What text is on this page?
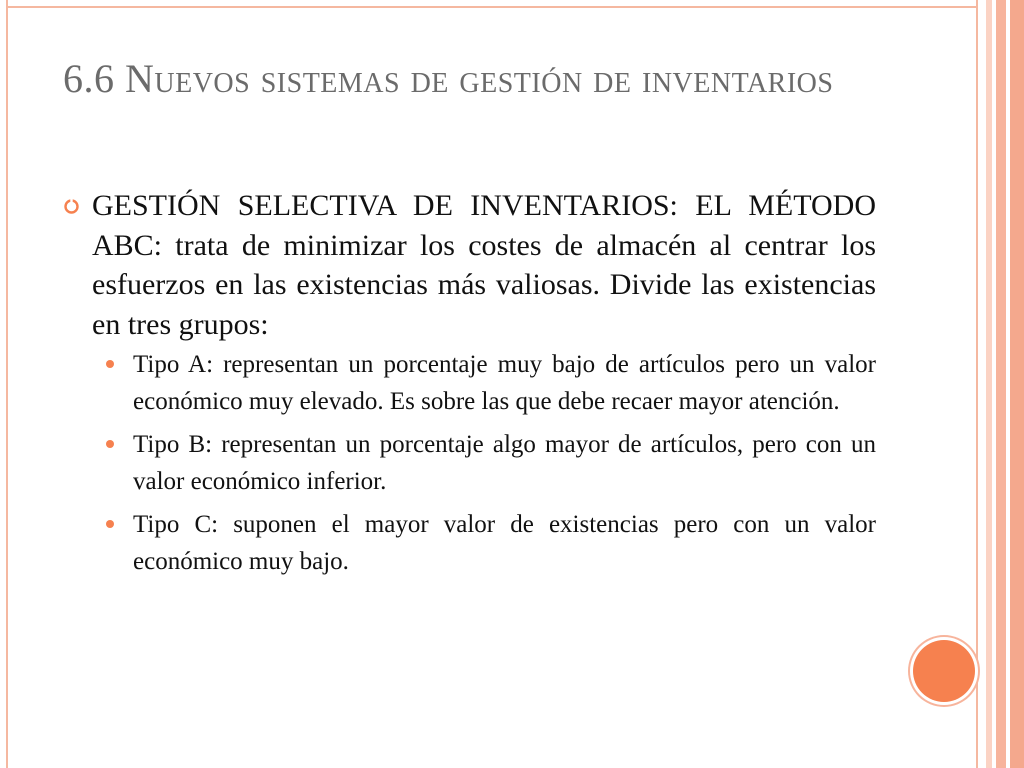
6.6 Nuevos sistemas de gestión de inventarios

GESTIÓN SELECTIVA DE INVENTARIOS: EL MÉTODO ABC: trata de minimizar los costes de almacén al centrar los esfuerzos en las existencias más valiosas. Divide las existencias en tres grupos:

Tipo A: representan un porcentaje muy bajo de artículos pero un valor económico muy elevado. Es sobre las que debe recaer mayor atención.

Tipo B: representan un porcentaje algo mayor de artículos, pero con un valor económico inferior.

Tipo C: suponen el mayor valor de existencias pero con un valor económico muy bajo.
